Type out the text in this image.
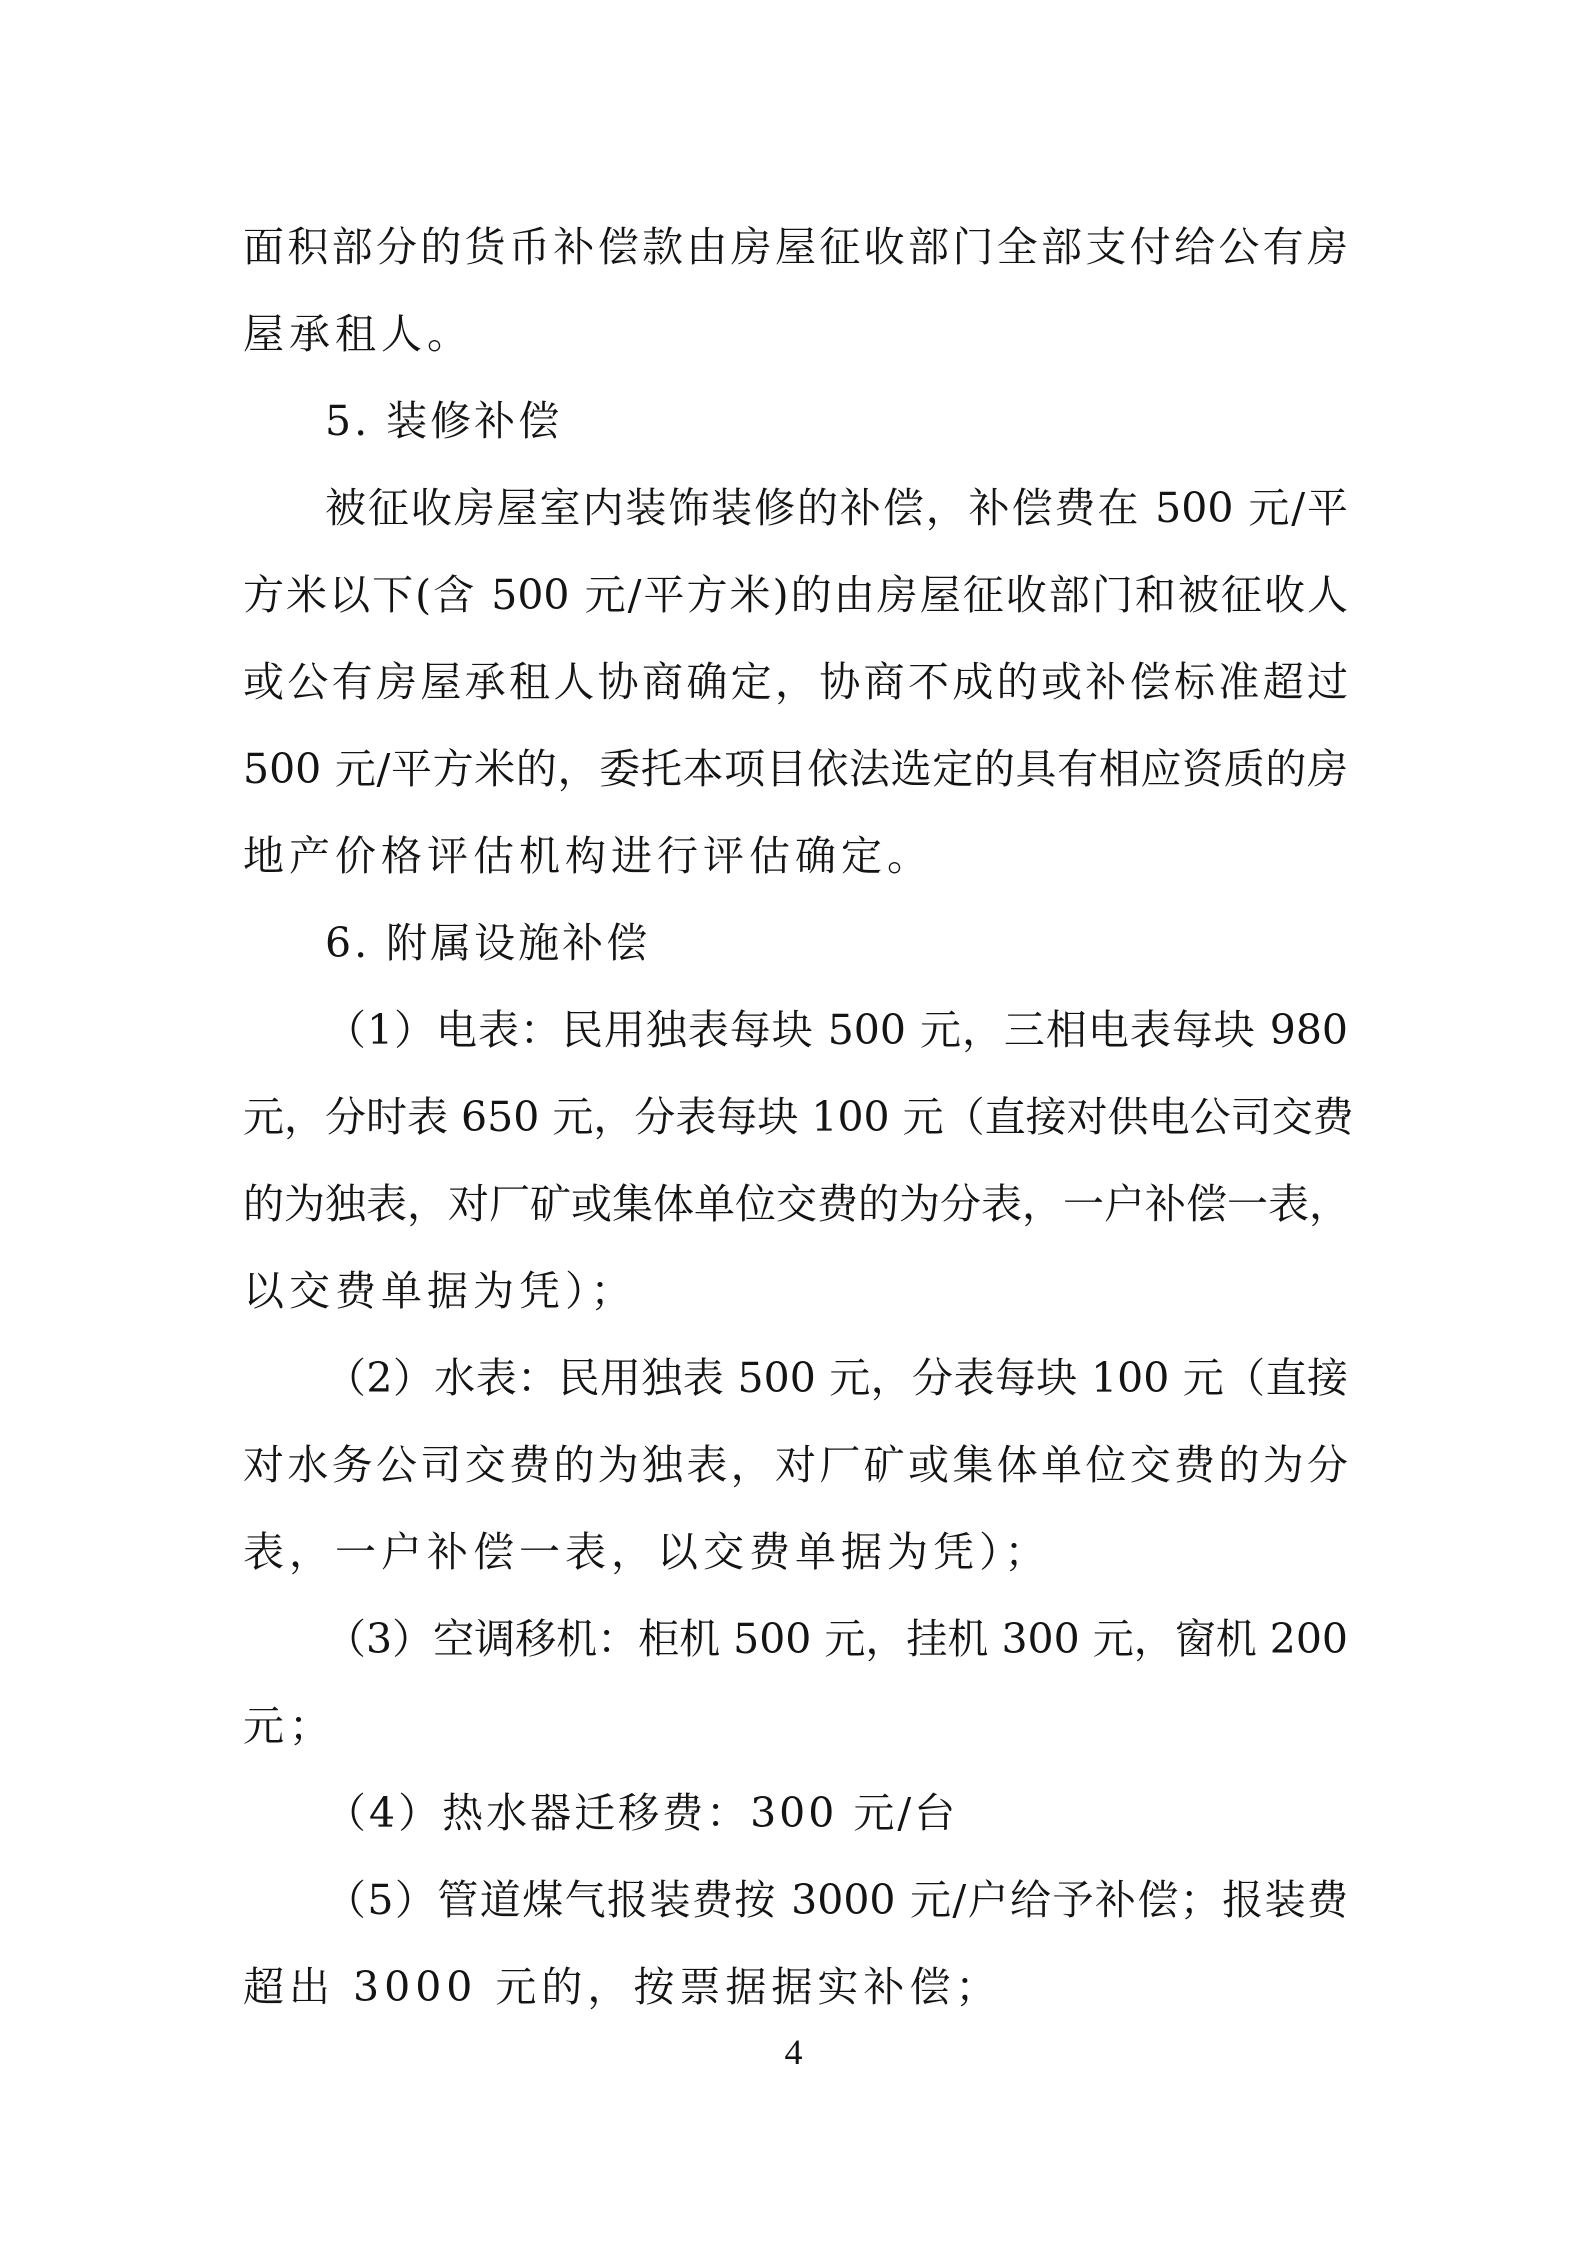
面积部分的货币补偿款由房屋征收部门全部支付给公有房
屋承租人。
5. 装修补偿
被征收房屋室内装饰装修的补偿，补偿费在 500 元/平
方米以下(含 500 元/平方米)的由房屋征收部门和被征收人
或公有房屋承租人协商确定，协商不成的或补偿标准超过
500 元/平方米的，委托本项目依法选定的具有相应资质的房
地产价格评估机构进行评估确定。
6. 附属设施补偿
（1）电表：民用独表每块 500 元，三相电表每块 980
元，分时表 650 元，分表每块 100 元（直接对供电公司交费
的为独表，对厂矿或集体单位交费的为分表，一户补偿一表，
以交费单据为凭）；
（2）水表：民用独表 500 元，分表每块 100 元（直接
对水务公司交费的为独表，对厂矿或集体单位交费的为分
表，一户补偿一表，以交费单据为凭）；
（3）空调移机：柜机 500 元，挂机 300 元，窗机 200
元；
（4）热水器迁移费：300 元/台
（5）管道煤气报装费按 3000 元/户给予补偿；报装费
超出 3000 元的，按票据据实补偿；
4
